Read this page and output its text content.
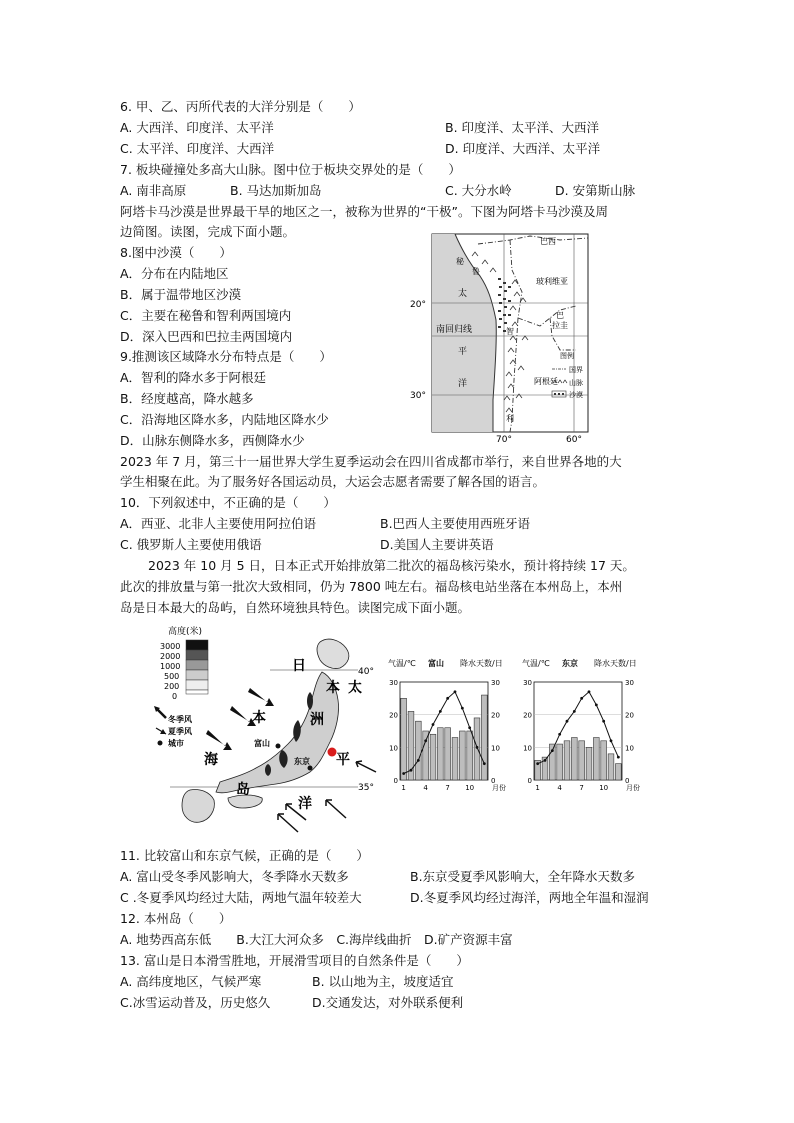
6. 甲、乙、丙所代表的大洋分别是（　　）
A. 大西洋、印度洋、太平洋	B. 印度洋、太平洋、大西洋
C. 太平洋、印度洋、大西洋	D. 印度洋、大西洋、太平洋
7. 板块碰撞处多高大山脉。图中位于板块交界处的是（　　）
A. 南非高原	B. 马达加斯加岛	C. 大分水岭	D. 安第斯山脉
阿塔卡马沙漠是世界最干旱的地区之一，被称为世界的“干极”。下图为阿塔卡马沙漠及周
边简图。读图，完成下面小题。
8.图中沙漠（　　）
A．分布在内陆地区
B．属于温带地区沙漠
C．主要在秘鲁和智利两国境内
D．深入巴西和巴拉圭两国境内
9.推测该区域降水分布特点是（　　）
A．智利的降水多于阿根廷
B．经度越高，降水越多
C．沿海地区降水多，内陆地区降水少
D．山脉东侧降水多，西侧降水少
巴西
秘
鲁
玻利维亚
巴
拉圭
阿根廷
智
利
太
平
洋
南回归线
20°
30°
70°	60°
图例
国界
山脉
沙漠
2023 年 7 月，第三十一届世界大学生夏季运动会在四川省成都市举行，来自世界各地的大
学生相聚在此。为了服务好各国运动员，大运会志愿者需要了解各国的语言。
10．下列叙述中，不正确的是（　　）
A．西亚、北非人主要使用阿拉伯语	B.巴西人主要使用西班牙语
C. 俄罗斯人主要使用俄语	D.美国人主要讲英语
2023 年 10 月 5 日，日本正式开始排放第二批次的福岛核污染水，预计将持续 17 天。
此次的排放量与第一批次大致相同，仍为 7800 吨左右。福岛核电站坐落在本州岛上，本州
岛是日本最大的岛屿，自然环境独具特色。读图完成下面小题。
高度(米)
3000
2000
1000
500
200
0
冬季风
夏季风
城市
40°
35°
富山
东京
日
本 太
本	洲
海	平
岛
洋
气温/℃ 富山 降水天数/日
30	30
20	20
10	10
0	0
1	4	7 10	月份
气温/℃ 东京 降水天数/日
30	30
20	20
10	10
0	0
1	4	7 10	月份
11. 比较富山和东京气候，正确的是（　　）
A. 富山受冬季风影响大，冬季降水天数多	B.东京受夏季风影响大，全年降水天数多
C .冬夏季风均经过大陆，两地气温年较差大	D.冬夏季风均经过海洋，两地全年温和湿润
12. 本州岛（　　）
A. 地势西高东低　　B.大江大河众多　C.海岸线曲折　D.矿产资源丰富
13. 富山是日本滑雪胜地，开展滑雪项目的自然条件是（　　）
A. 高纬度地区，气候严寒	B. 以山地为主，坡度适宜
C.冰雪运动普及，历史悠久	D.交通发达，对外联系便利
